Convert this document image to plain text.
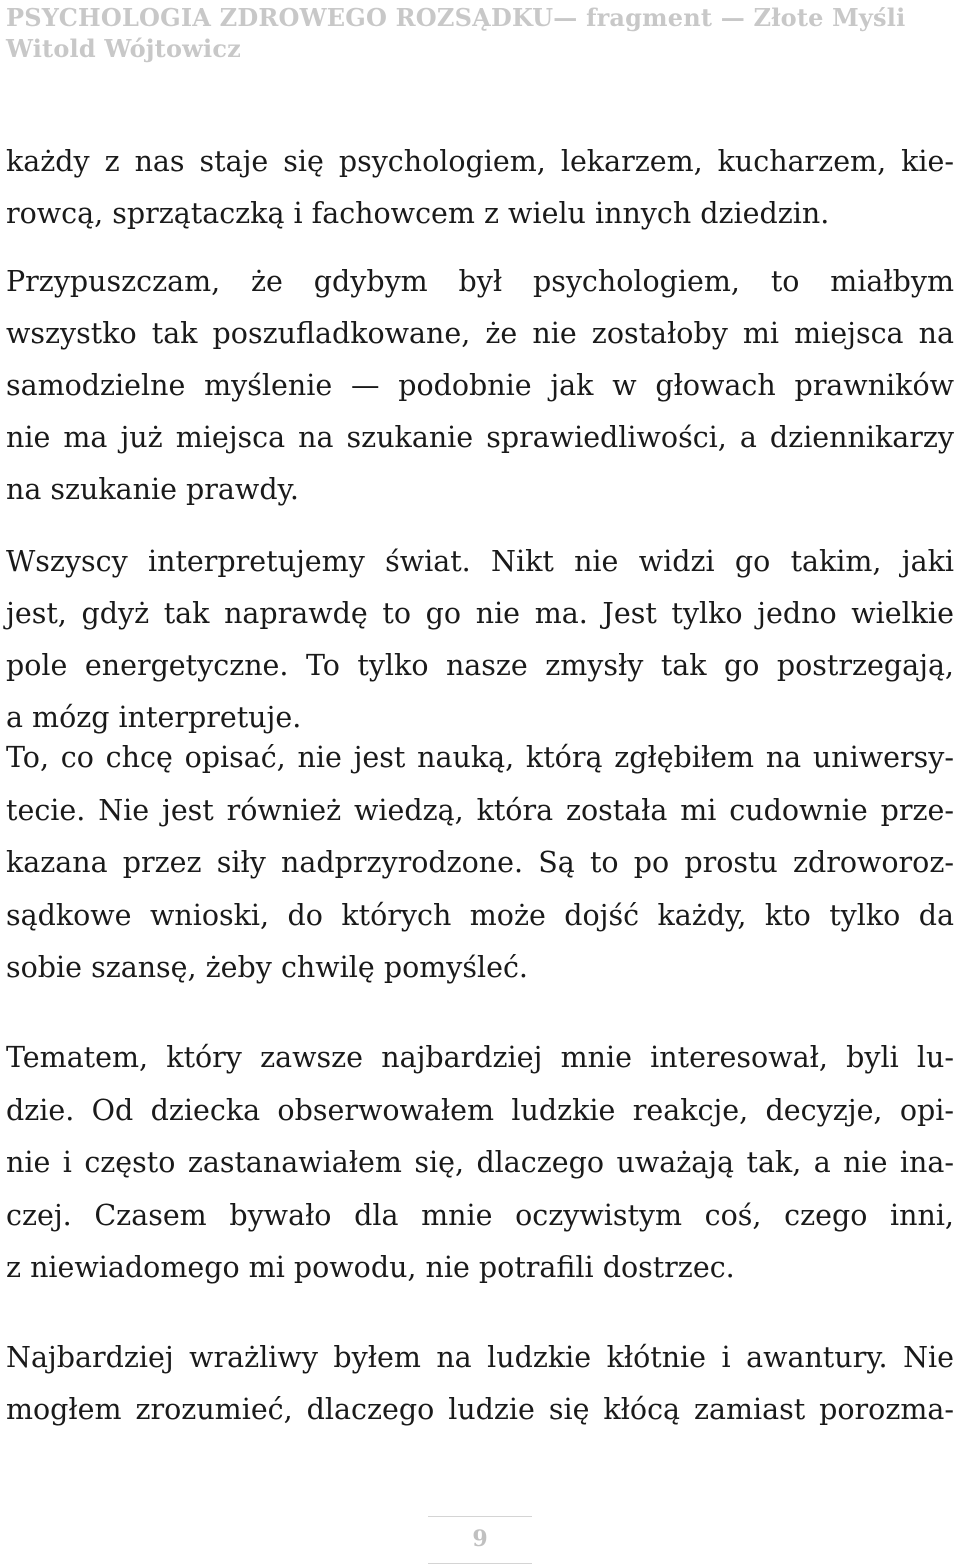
PSYCHOLOGIA ZDROWEGO ROZSĄDKU— fragment — Złote Myśli
Witold Wójtowicz
każdy z nas staje się psychologiem, lekarzem, kucharzem, kie-
rowcą, sprzątaczką i fachowcem z wielu innych dziedzin.
Przypuszczam, że gdybym był psychologiem, to miałbym
wszystko tak poszufladkowane, że nie zostałoby mi miejsca na
samodzielne myślenie — podobnie jak w głowach prawników
nie ma już miejsca na szukanie sprawiedliwości, a dziennikarzy
na szukanie prawdy.
Wszyscy interpretujemy świat. Nikt nie widzi go takim, jaki
jest, gdyż tak naprawdę to go nie ma. Jest tylko jedno wielkie
pole energetyczne. To tylko nasze zmysły tak go postrzegają,
a mózg interpretuje.
To, co chcę opisać, nie jest nauką, którą zgłębiłem na uniwersy-
tecie. Nie jest również wiedzą, która została mi cudownie prze-
kazana przez siły nadprzyrodzone. Są to po prostu zdroworoz-
sądkowe wnioski, do których może dojść każdy, kto tylko da
sobie szansę, żeby chwilę pomyśleć.
Tematem, który zawsze najbardziej mnie interesował, byli lu-
dzie. Od dziecka obserwowałem ludzkie reakcje, decyzje, opi-
nie i często zastanawiałem się, dlaczego uważają tak, a nie ina-
czej. Czasem bywało dla mnie oczywistym coś, czego inni,
z niewiadomego mi powodu, nie potrafili dostrzec.
Najbardziej wrażliwy byłem na ludzkie kłótnie i awantury. Nie
mogłem zrozumieć, dlaczego ludzie się kłócą zamiast porozma-
9
